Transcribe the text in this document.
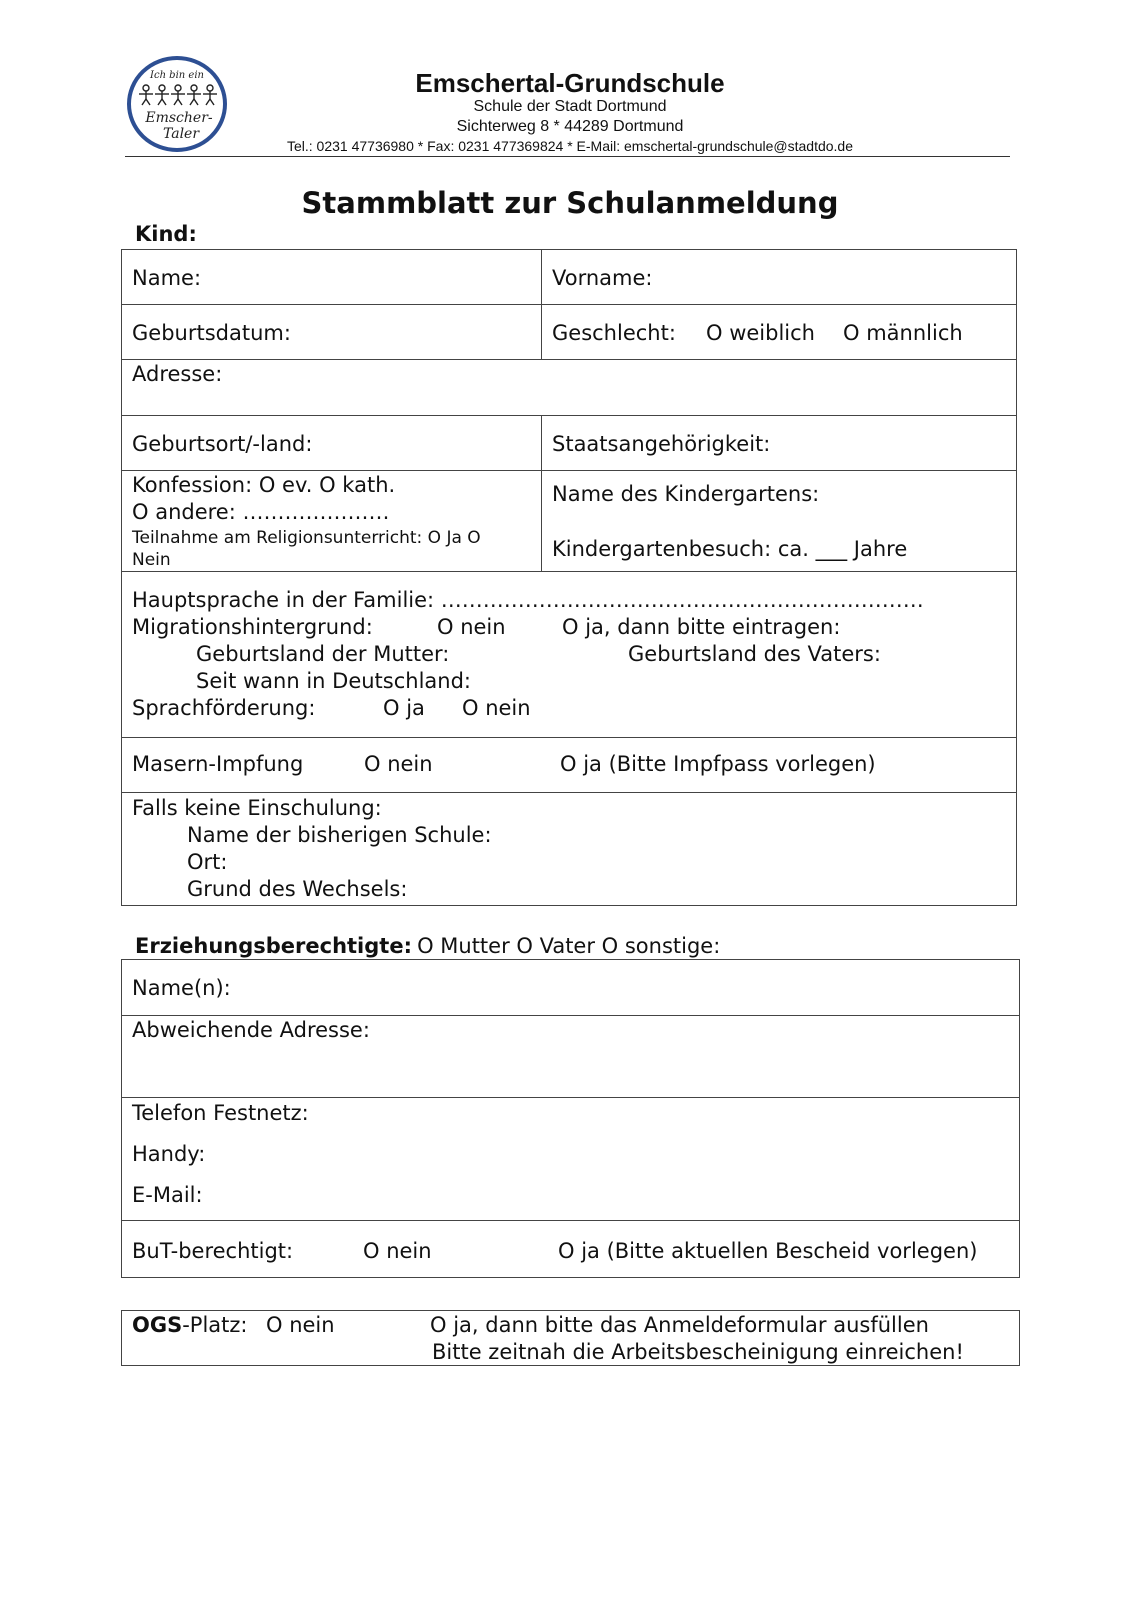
Ich bin ein
Emscher-
Taler
Emschertal-Grundschule
Schule der Stadt Dortmund
Sichterweg 8 * 44289 Dortmund
Tel.: 0231 47736980 * Fax: 0231 477369824 * E-Mail: emschertal-grundschule@stadtdo.de
Stammblatt zur Schulanmeldung
Kind:
Name:	Vorname:
Geburtsdatum:	Geschlecht: O weiblich O männlich
Adresse:
Geburtsort/-land:	Staatsangehörigkeit:
Konfession: O ev. O kath.
O andere: …………………
Teilnahme am Religionsunterricht: O Ja O
Nein
Name des Kindergartens:
Kindergartenbesuch: ca. ___ Jahre
Hauptsprache in der Familie: ……………………………………………………………
Migrationshintergrund:	O nein	O ja, dann bitte eintragen:
Geburtsland der Mutter:	Geburtsland des Vaters:
Seit wann in Deutschland:
Sprachförderung:	O ja O nein
Masern-Impfung	O nein	O ja (Bitte Impfpass vorlegen)
Falls keine Einschulung:
Name der bisherigen Schule:
Ort:
Grund des Wechsels:
Erziehungsberechtigte: O Mutter O Vater O sonstige:
Name(n):
Abweichende Adresse:
Telefon Festnetz:
Handy:
E-Mail:
BuT-berechtigt:	O nein	O ja (Bitte aktuellen Bescheid vorlegen)
OGS-Platz: O nein	O ja, dann bitte das Anmeldeformular ausfüllen
Bitte zeitnah die Arbeitsbescheinigung einreichen!
